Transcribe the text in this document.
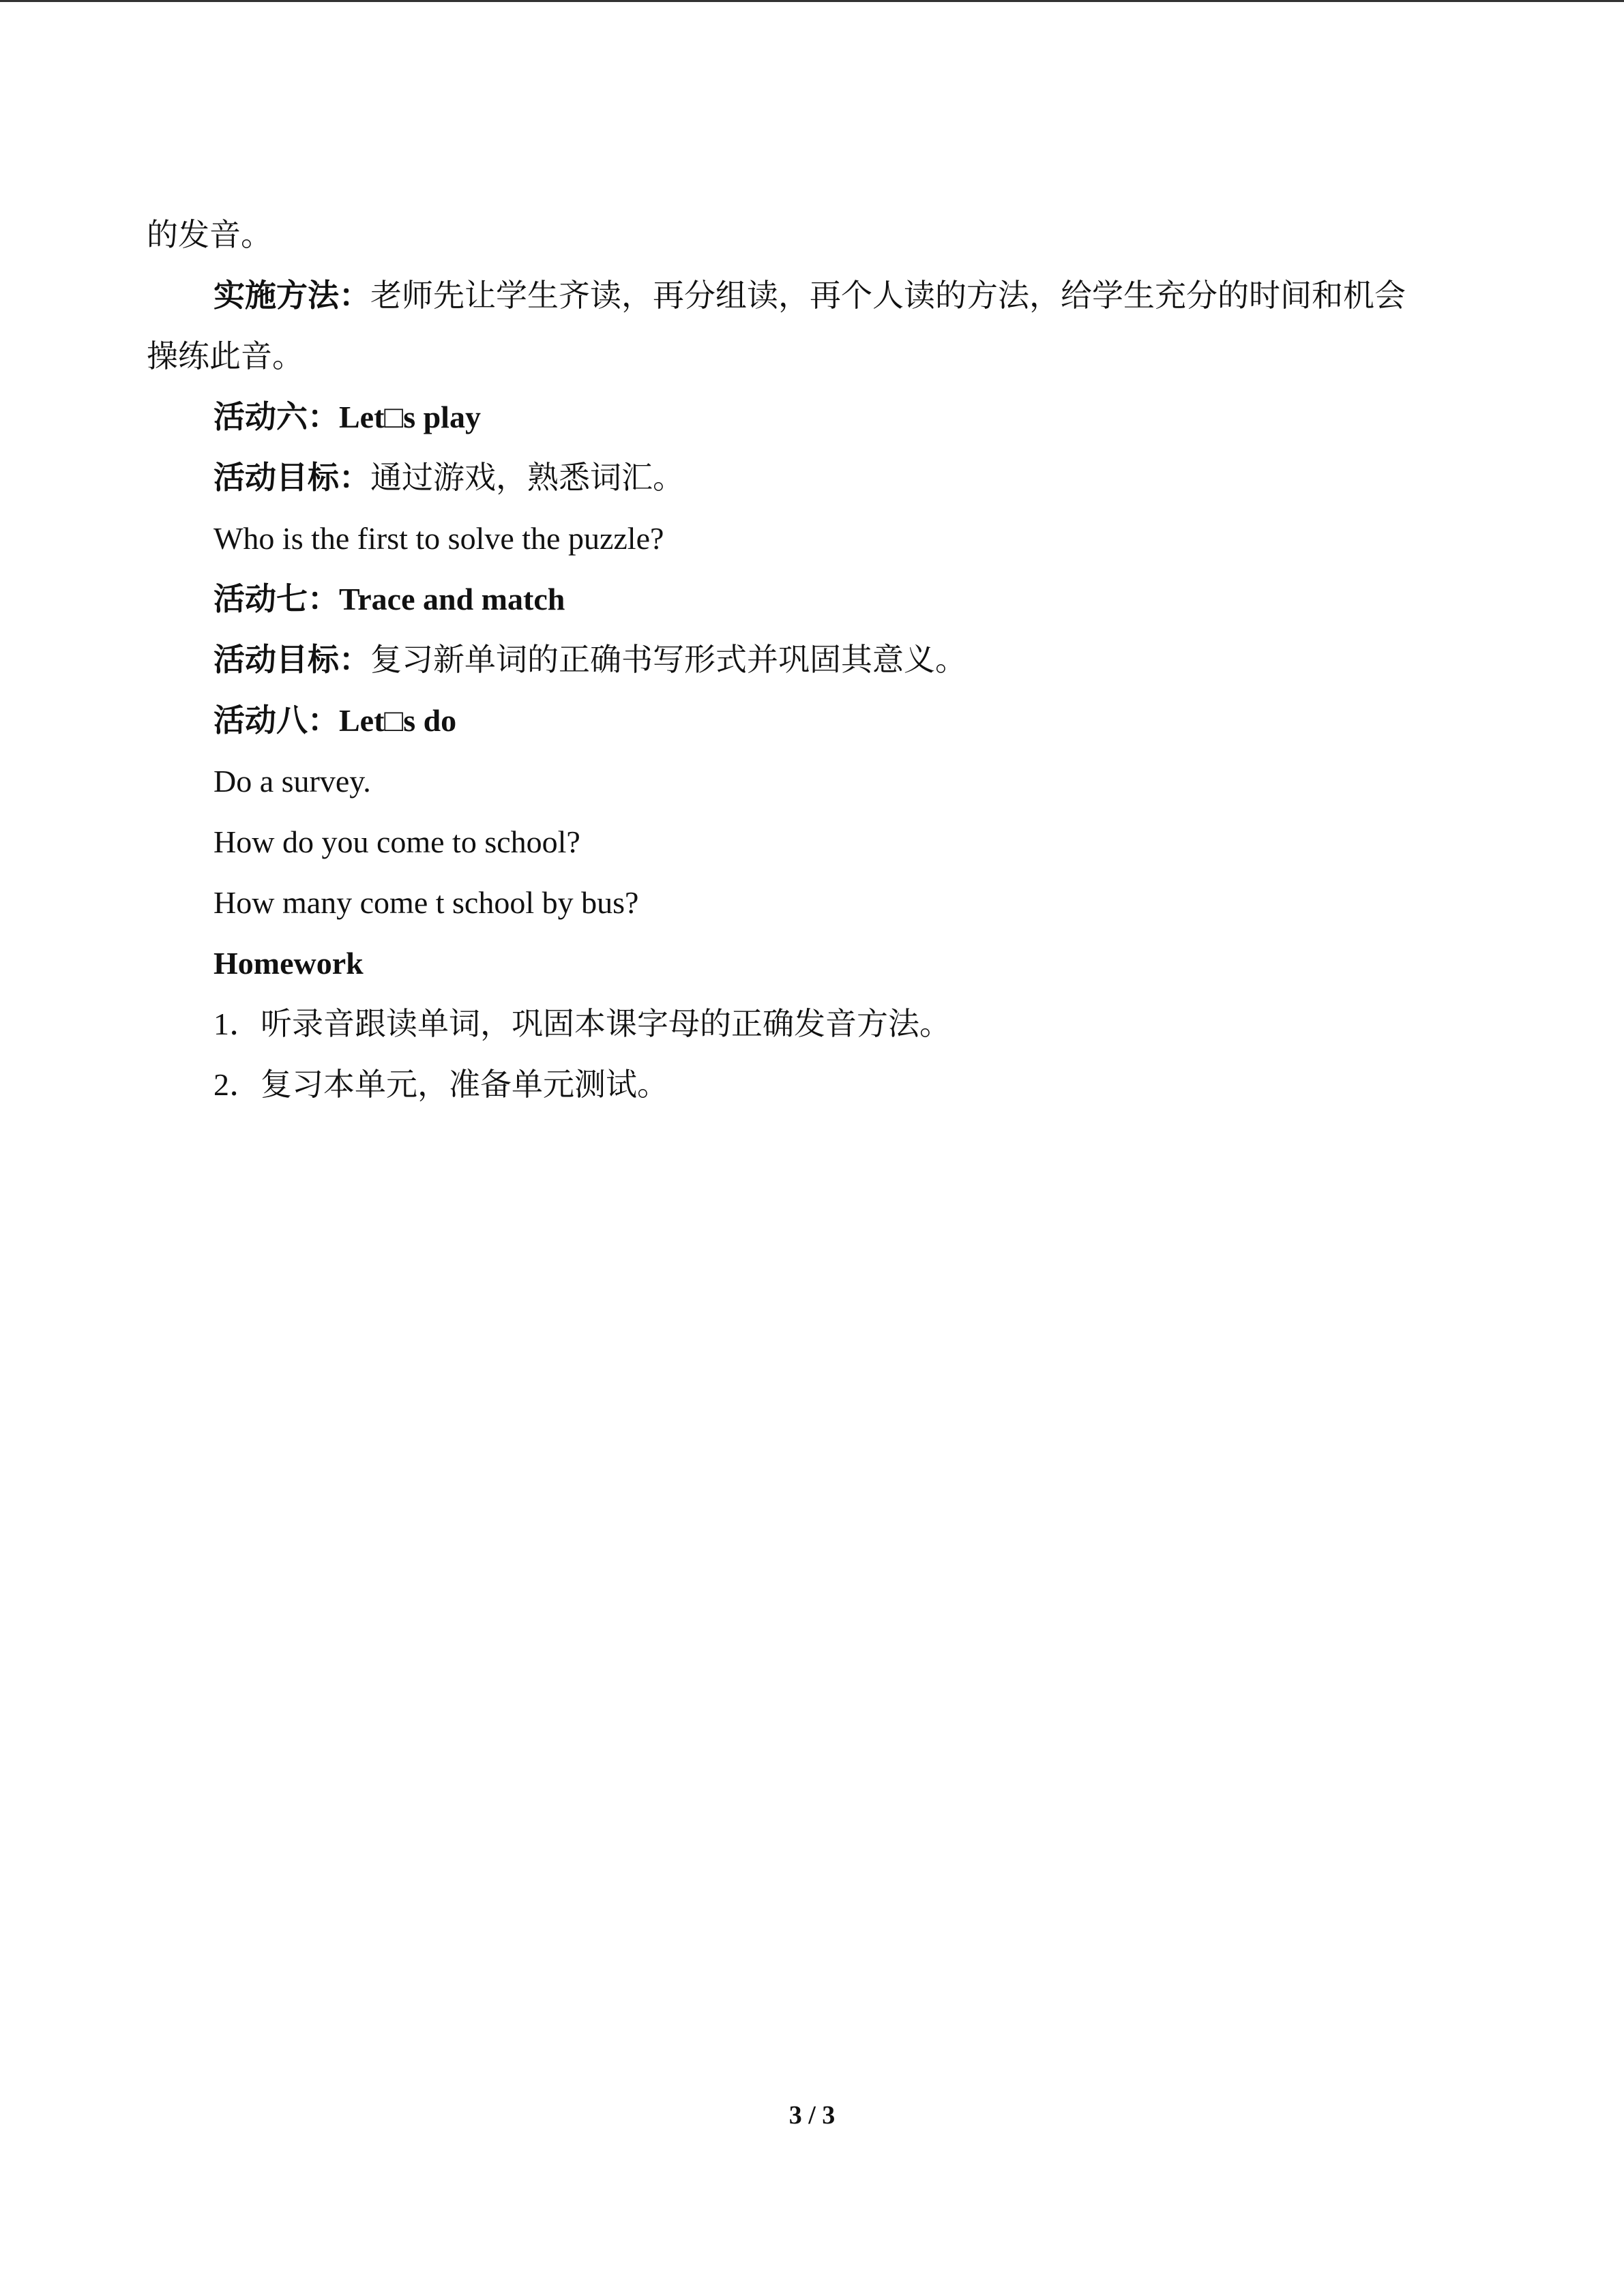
的发音。
实施方法：老师先让学生齐读，再分组读，再个人读的方法，给学生充分的时间和机会
操练此音。
活动六：Let□s play
活动目标：通过游戏，熟悉词汇。
Who is the first to solve the puzzle?
活动七：Trace and match
活动目标：复习新单词的正确书写形式并巩固其意义。
活动八：Let□s do
Do a survey.
How do you come to school?
How many come t school by bus?
Homework
1．听录音跟读单词，巩固本课字母的正确发音方法。
2．复习本单元，准备单元测试。
3 / 3
